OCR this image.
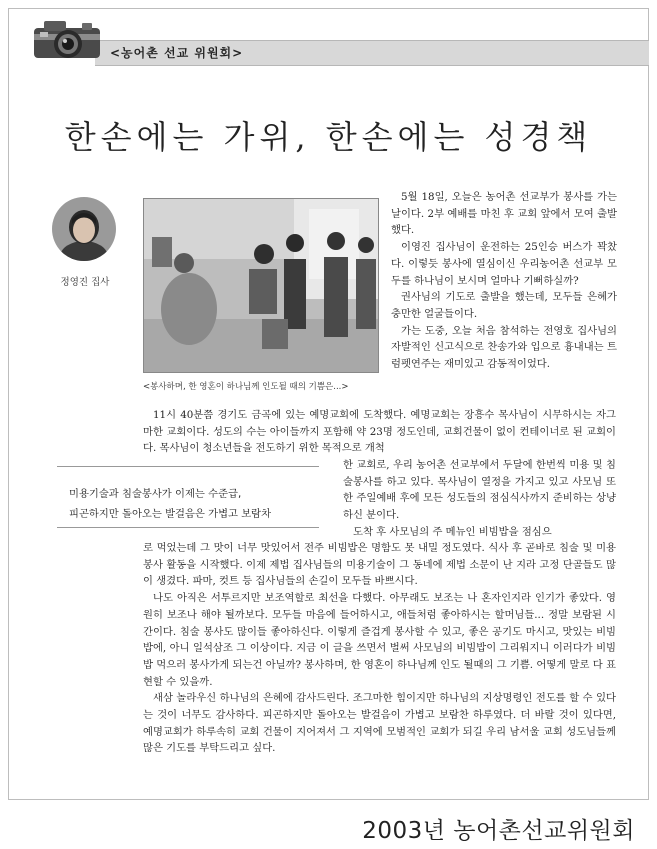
<농어촌 선교 위원회>
한손에는 가위, 한손에는 성경책
정영진 집사
<봉사하며, 한 영혼이 하나님께 인도될 때의 기쁨은...>

5월 18일, 오늘은 농어촌 선교부가 봉사를 가는 날이다. 2부 예배를 마친 후 교회 앞에서 모여 출발했다.

이영진 집사님이 운전하는 25인승 버스가 꽉찼다. 이렇듯 봉사에 열심이신 우리농어촌 선교부 모두를 하나님이 보시며 얼마나 기뻐하실까?

권사님의 기도로 출발을 했는데, 모두들 은혜가 충만한 얼굴들이다.

가는 도중, 오늘 처음 참석하는 전영호 집사님의 자발적인 신고식으로 찬송가와 입으로 흉내내는 트럼펫연주는 재미있고 감동적이었다.

11시 40분쯤 경기도 금곡에 있는 예명교회에 도착했다. 예명교회는 장흥수 목사님이 시무하시는 자그마한 교회이다. 성도의 수는 아이들까지 포함해 약 23명 정도인데, 교회건물이 없이 컨테이너로 된 교회이다. 목사님이 청소년들을 전도하기 위한 목적으로 개척

미용기술과 침술봉사가 이제는 수준급,
피곤하지만 돌아오는 발걸음은 가볍고 보람차

한 교회로, 우리 농어촌 선교부에서 두달에 한번씩 미용 및 침술봉사를 하고 있다. 목사님이 열정을 가지고 있고 사모님 또한 주일예배 후에 모든 성도들의 점심식사까지 준비하는 상냥하신 분이다.

도착 후 사모님의 주 메뉴인 비빔밥을 점심으

로 먹었는데 그 맛이 너무 맛있어서 전주 비빔밥은 명함도 못 내밀 정도였다. 식사 후 곧바로 침술 및 미용봉사 활동을 시작했다. 이제 제법 집사님들의 미용기술이 그 동네에 제법 소문이 난 지라 고정 단골들도 많이 생겼다. 파마, 컷트 등 집사님들의 손길이 모두들 바쁘시다.

나도 아직은 서투르지만 보조역할로 최선을 다했다. 아무래도 보조는 나 혼자인지라 인기가 좋았다. 영원히 보조나 해야 될까보다. 모두들 마음에 들어하시고, 애들처럼 좋아하시는 할머님들... 정말 보람된 시간이다. 침술 봉사도 많이들 좋아하신다. 이렇게 즐겁게 봉사할 수 있고, 좋은 공기도 마시고, 맛있는 비빔밥에, 아니 일석삼조 그 이상이다. 지금 이 글을 쓰면서 벌써 사모님의 비빔밥이 그리워지니 이러다가 비빔밥 먹으러 봉사가게 되는건 아닐까? 봉사하며, 한 영혼이 하나님께 인도 될때의 그 기쁨. 어떻게 말로 다 표현할 수 있을까.

새삼 놀라우신 하나님의 은혜에 감사드린다. 조그마한 힘이지만 하나님의 지상명령인 전도를 할 수 있다는 것이 너무도 감사하다. 피곤하지만 돌아오는 발걸음이 가볍고 보람찬 하루였다. 더 바랄 것이 있다면, 예명교회가 하루속히 교회 건물이 지어져서 그 지역에 모범적인 교회가 되길 우리 남서울 교회 성도님들께 많은 기도를 부탁드리고 싶다.

2003년 농어촌선교위원회
